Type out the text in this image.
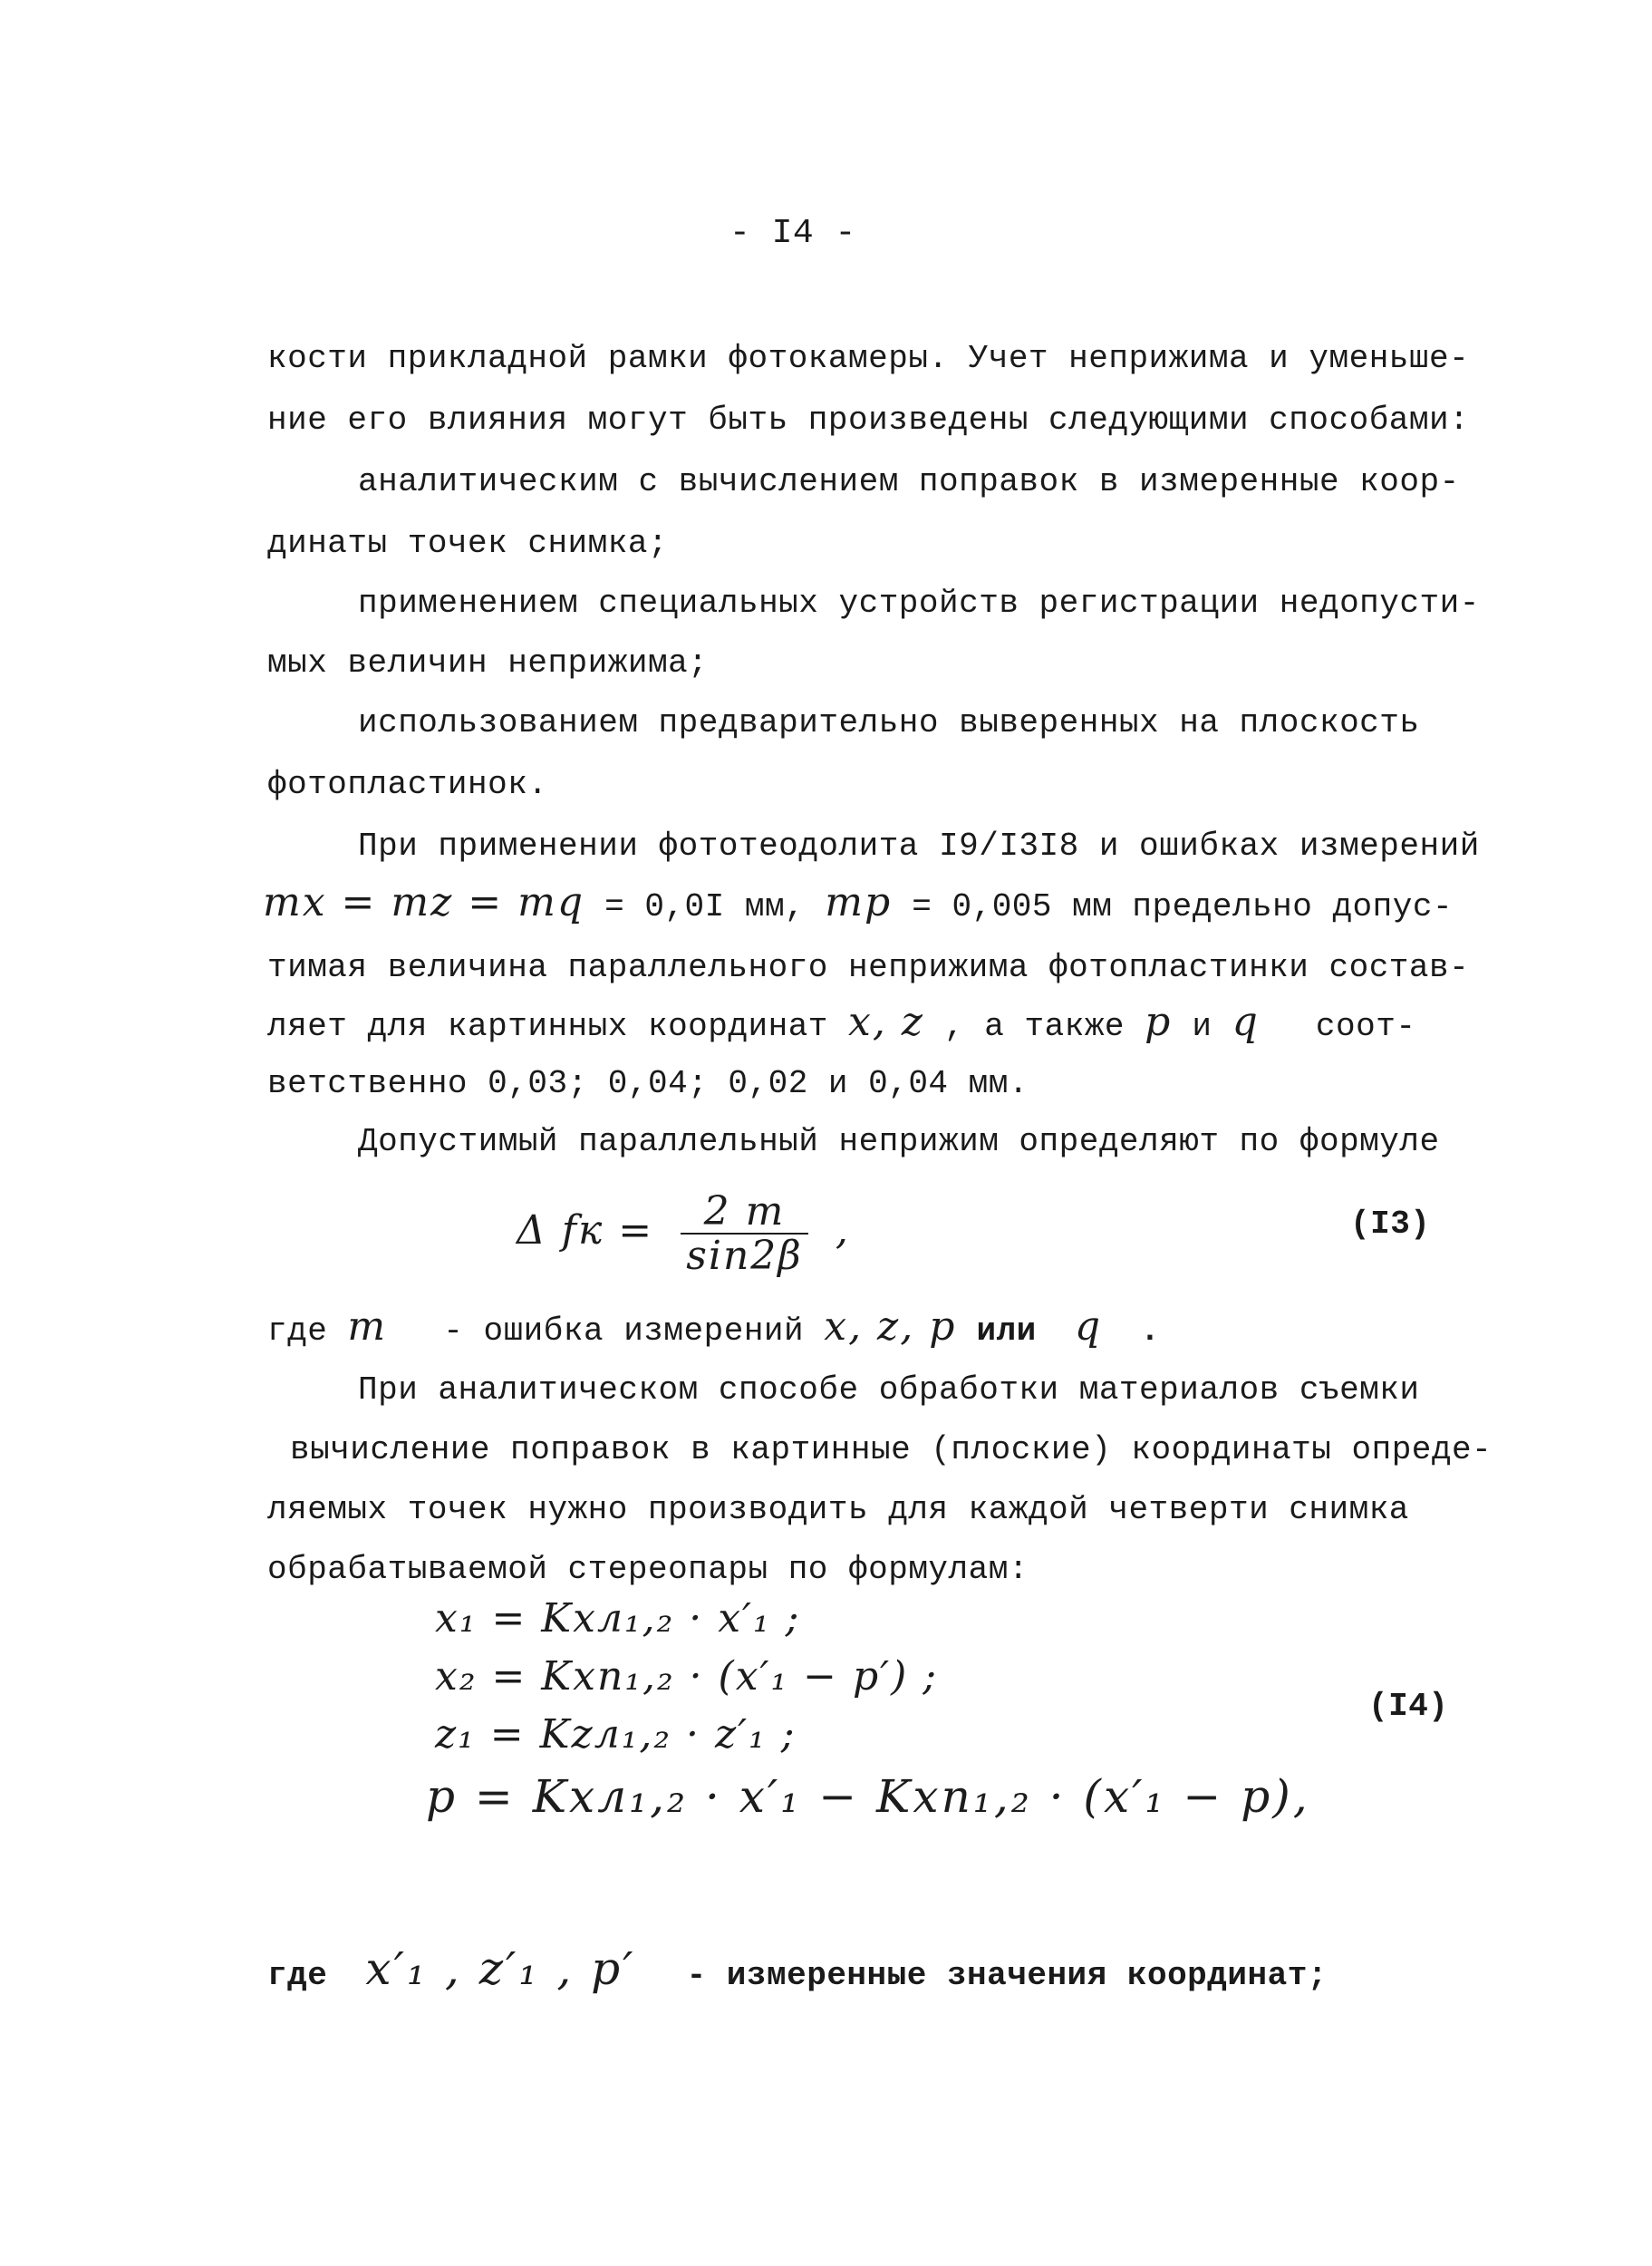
- I4 -
кости прикладной рамки фотокамеры. Учет неприжима и уменьше-
ние его влияния могут быть произведены следующими способами:
аналитическим с вычислением поправок в измеренные коор-
динаты точек снимка;
применением специальных устройств регистрации недопусти-
мых величин неприжима;
использованием предварительно выверенных на плоскость
фотопластинок.
При применении фототеодолита I9/I3I8 и ошибках измерений
mx = mz = mq = 0,0I мм, mp = 0,005 мм предельно допус-
тимая величина параллельного неприжима фотопластинки состав-
ляет для картинных координат x, z , а также p и q соот-
ветственно 0,03; 0,04; 0,02 и 0,04 мм.
Допустимый параллельный неприжим определяют по формуле
Δ fк = $\frac{2 m}{\sin 2\beta}$ ,	(I3)
где m - ошибка измерений x, z, p или q .
При аналитическом способе обработки материалов съемки
вычисление поправок в картинные (плоские) координаты опреде-
ляемых точек нужно производить для каждой четверти снимка
обрабатываемой стереопары по формулам:
x₁ = Kxл₁,₂ · x′₁ ;
x₂ = Kxп₁,₂ · (x′₁ − p′) ;
z₁ = Kzл₁,₂ · z′₁ ;
p = Kxл₁,₂ · x′₁ − Kxп₁,₂ · (x′₁ − p),
(I4)
где x′₁ , z′₁ , p′ - измеренные значения координат;
